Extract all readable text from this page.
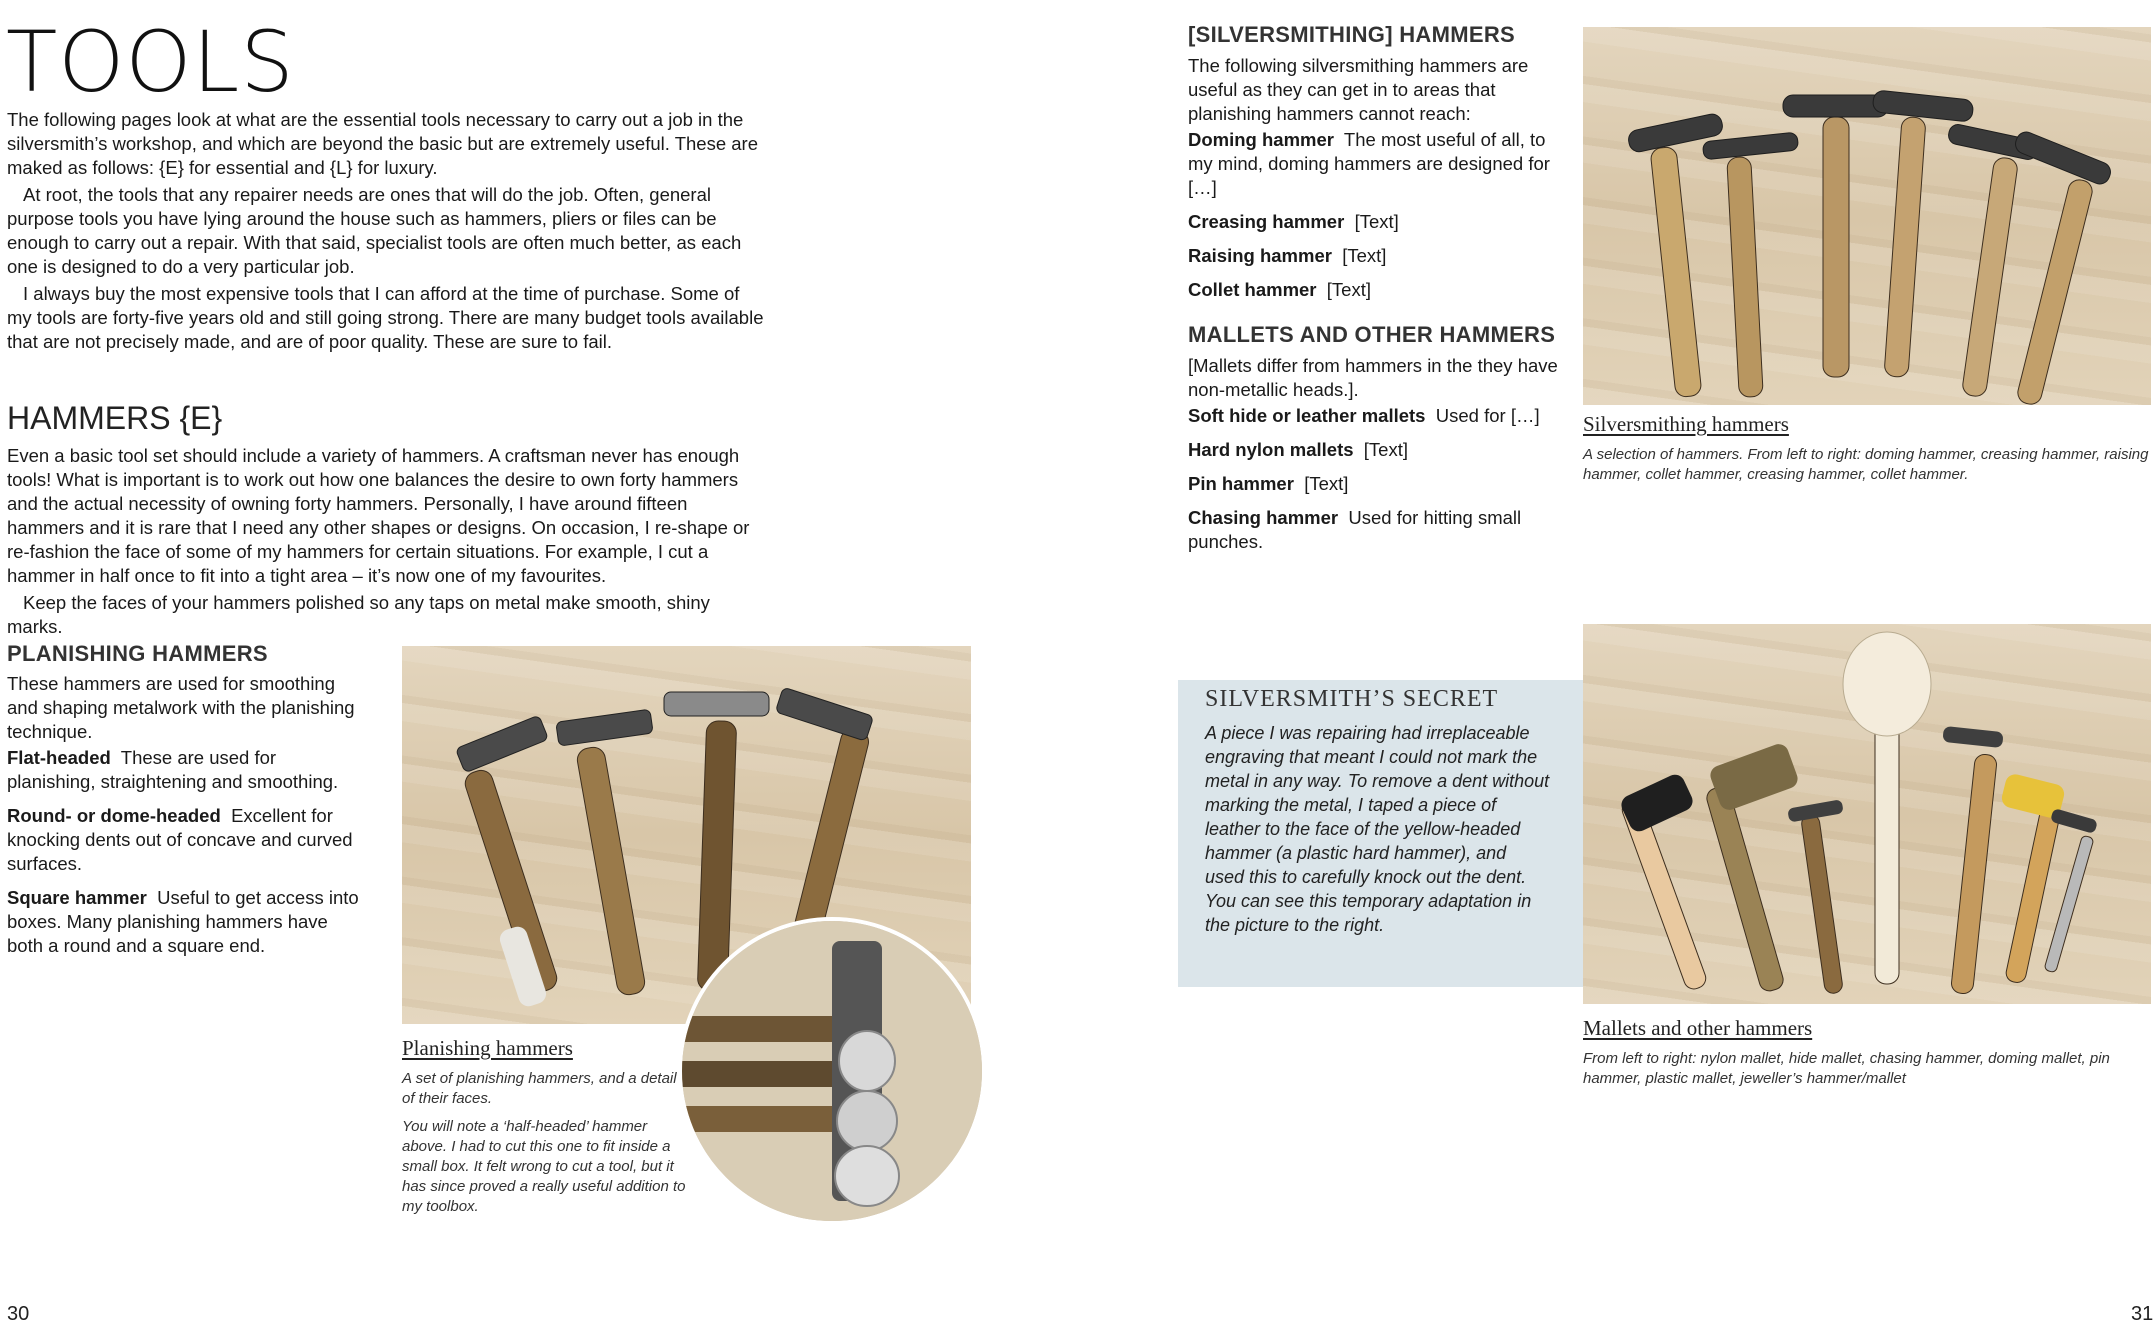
TOOLS

The following pages look at what are the essential tools necessary to carry out a job in the silversmith’s workshop, and which are beyond the basic but are extremely useful. These are maked as follows: {E} for essential and {L} for luxury.

At root, the tools that any repairer needs are ones that will do the job. Often, general purpose tools you have lying around the house such as hammers, pliers or files can be enough to carry out a repair. With that said, specialist tools are often much better, as each one is designed to do a very particular job.

I always buy the most expensive tools that I can afford at the time of purchase. Some of my tools are forty-five years old and still going strong. There are many budget tools available that are not precisely made, and are of poor quality. These are sure to fail.

HAMMERS {E}

Even a basic tool set should include a variety of hammers. A craftsman never has enough tools! What is important is to work out how one balances the desire to own forty hammers and the actual necessity of owning forty hammers. Personally, I have around fifteen hammers and it is rare that I need any other shapes or designs. On occasion, I re-shape or re-fashion the face of some of my hammers for certain situations. For example, I cut a hammer in half once to fit into a tight area – it’s now one of my favourites.

Keep the faces of your hammers polished so any taps on metal make smooth, shiny marks.

PLANISHING HAMMERS

These hammers are used for smoothing and shaping metalwork with the planishing technique.

Flat-headed These are used for planishing, straightening and smoothing.

Round- or dome-headed Excellent for knocking dents out of concave and curved surfaces.

Square hammer Useful to get access into boxes. Many planishing hammers have both a round and a square end.

Planishing hammers

A set of planishing hammers, and a detail of their faces.

You will note a ‘half-headed’ hammer above. I had to cut this one to fit inside a small box. It felt wrong to cut a tool, but it has since proved a really useful addition to my toolbox.

30
[SILVERSMITHING] HAMMERS

The following silversmithing hammers are useful as they can get in to areas that planishing hammers cannot reach:

Doming hammer The most useful of all, to my mind, doming hammers are designed for […]

Creasing hammer [Text]

Raising hammer [Text]

Collet hammer [Text]

MALLETS AND OTHER HAMMERS

[Mallets differ from hammers in the they have non-metallic heads.].

Soft hide or leather mallets Used for […]

Hard nylon mallets [Text]

Pin hammer [Text]

Chasing hammer Used for hitting small punches.

Silversmithing hammers

A selection of hammers. From left to right: doming hammer, creasing hammer, raising hammer, collet hammer, creasing hammer, collet hammer.

SILVERSMITH’S SECRET

A piece I was repairing had irreplaceable engraving that meant I could not mark the metal in any way. To remove a dent without marking the metal, I taped a piece of leather to the face of the yellow-headed hammer (a plastic hard hammer), and used this to carefully knock out the dent. You can see this temporary adaptation in the picture to the right.

Mallets and other hammers

From left to right: nylon mallet, hide mallet, chasing hammer, doming mallet, pin hammer, plastic mallet, jeweller’s hammer/mallet

31
